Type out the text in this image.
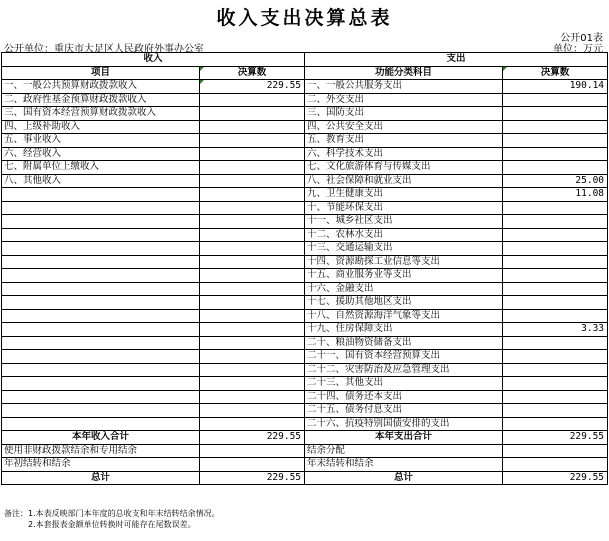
收入支出决算总表
公开01表
公开单位：重庆市大足区人民政府外事办公室	单位：万元
收入		支出	
项目	决算数	功能分类科目	决算数
一、一般公共预算财政拨款收入	229.55	一、一般公共服务支出	190.14
二、政府性基金预算财政拨款收入		二、外交支出	
三、国有资本经营预算财政拨款收入		三、国防支出	
四、上级补助收入		四、公共安全支出	
五、事业收入		五、教育支出	
六、经营收入		六、科学技术支出	
七、附属单位上缴收入		七、文化旅游体育与传媒支出	
八、其他收入		八、社会保障和就业支出	25.00
		九、卫生健康支出	11.08
		十、节能环保支出	
		十一、城乡社区支出	
		十二、农林水支出	
		十三、交通运输支出	
		十四、资源勘探工业信息等支出	
		十五、商业服务业等支出	
		十六、金融支出	
		十七、援助其他地区支出	
		十八、自然资源海洋气象等支出	
		十九、住房保障支出	3.33
		二十、粮油物资储备支出	
		二十一、国有资本经营预算支出	
		二十二、灾害防治及应急管理支出	
		二十三、其他支出	
		二十四、债务还本支出	
		二十五、债务付息支出	
		二十六、抗疫特别国债安排的支出	
本年收入合计	229.55	本年支出合计	229.55
使用非财政拨款结余和专用结余		结余分配	
年初结转和结余		年末结转和结余	
总计	229.55	总计	229.55
备注：1.本表反映部门本年度的总收支和年末结转结余情况。
2.本套报表金额单位转换时可能存在尾数误差。
